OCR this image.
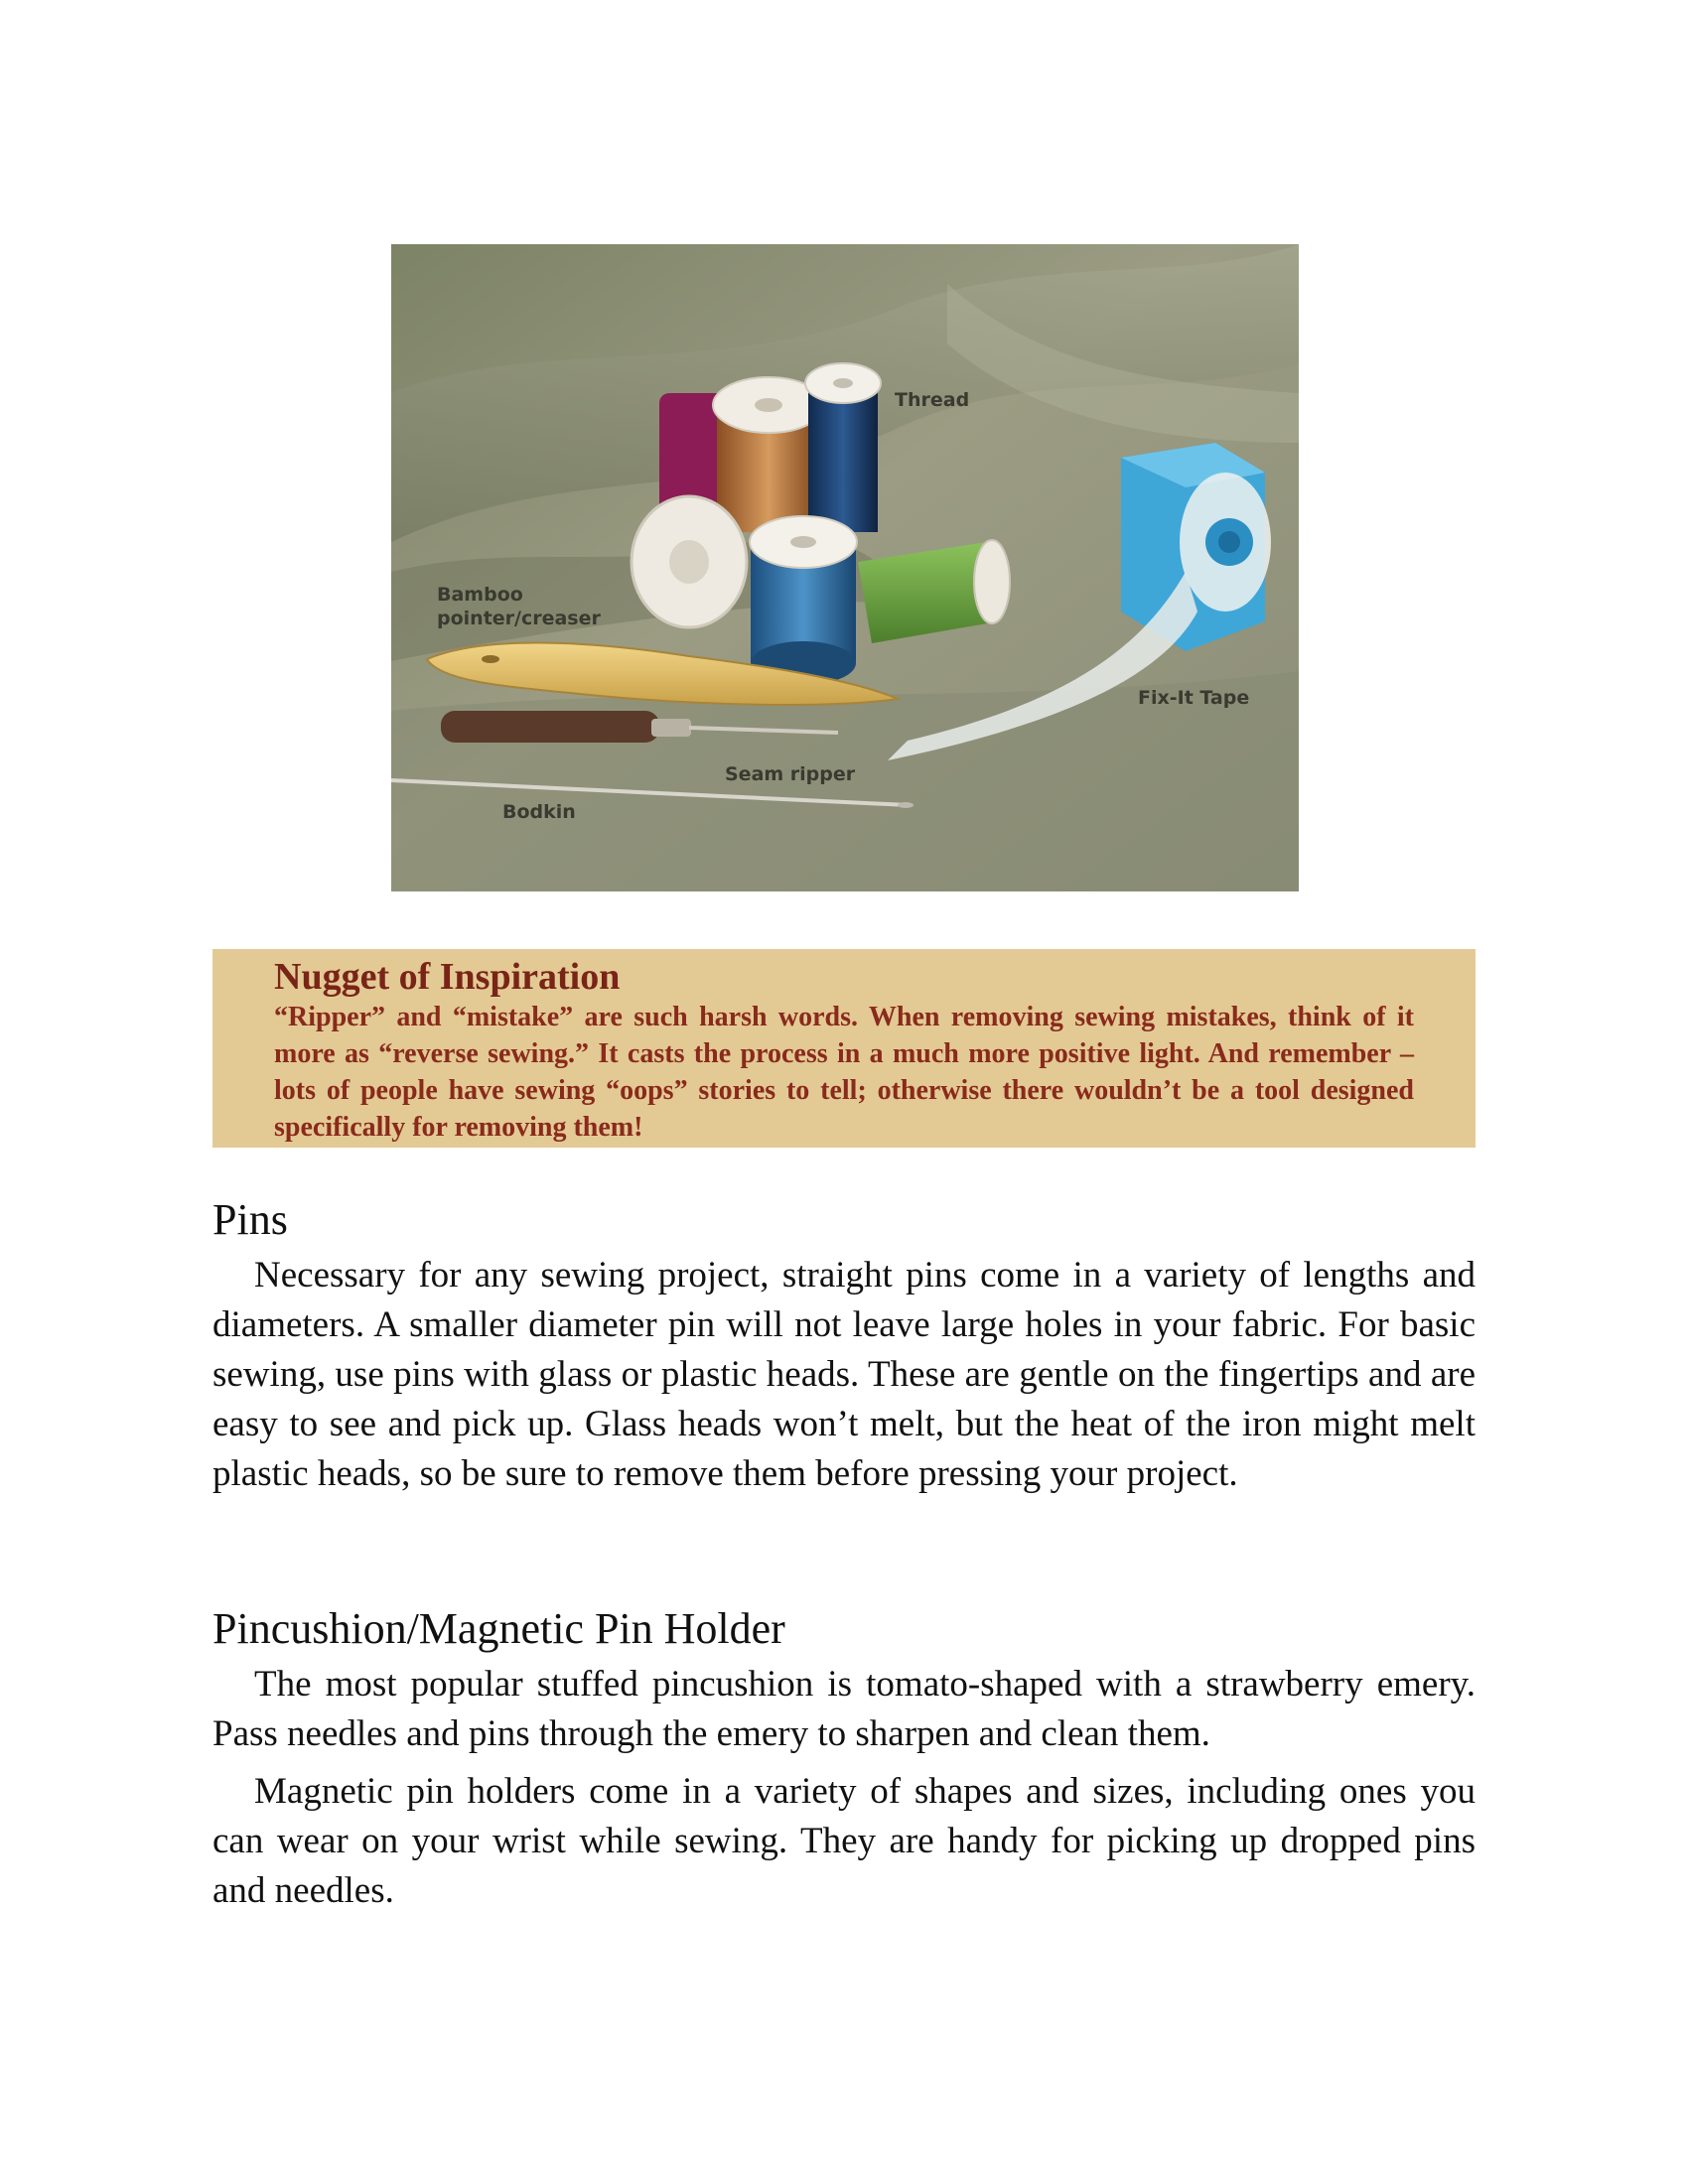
Thread
Bamboo
pointer/creaser
Fix-It Tape
Seam ripper
Bodkin

Nugget of Inspiration

“Ripper” and “mistake” are such harsh words. When removing sewing mistakes, think of it more as “reverse sewing.” It casts the process in a much more positive light. And remember – lots of people have sewing “oops” stories to tell; otherwise there wouldn’t be a tool designed specifically for removing them!

Pins

Necessary for any sewing project, straight pins come in a variety of lengths and diameters. A smaller diameter pin will not leave large holes in your fabric. For basic sewing, use pins with glass or plastic heads. These are gentle on the fingertips and are easy to see and pick up. Glass heads won’t melt, but the heat of the iron might melt plastic heads, so be sure to remove them before pressing your project.

Pincushion/Magnetic Pin Holder

The most popular stuffed pincushion is tomato-shaped with a strawberry emery. Pass needles and pins through the emery to sharpen and clean them.

Magnetic pin holders come in a variety of shapes and sizes, including ones you can wear on your wrist while sewing. They are handy for picking up dropped pins and needles.
